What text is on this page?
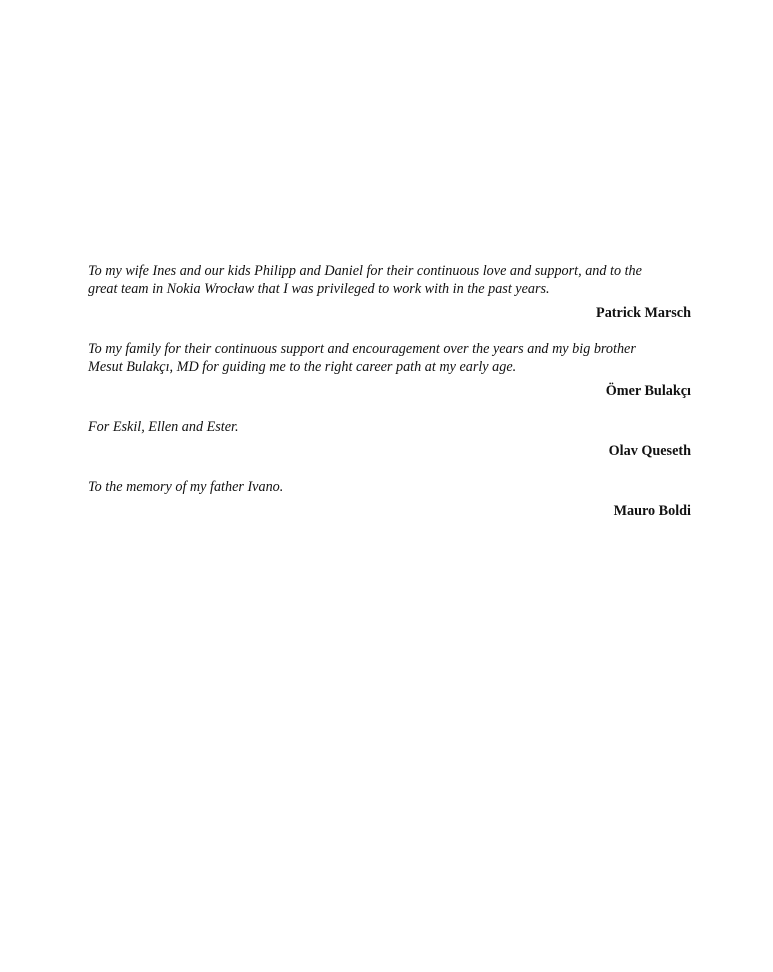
To my wife Ines and our kids Philipp and Daniel for their continuous love and support, and to the
great team in Nokia Wrocław that I was privileged to work with in the past years.

Patrick Marsch

To my family for their continuous support and encouragement over the years and my big brother
Mesut Bulakçı, MD for guiding me to the right career path at my early age.

Ömer Bulakçı

For Eskil, Ellen and Ester.

Olav Queseth

To the memory of my father Ivano.

Mauro Boldi
